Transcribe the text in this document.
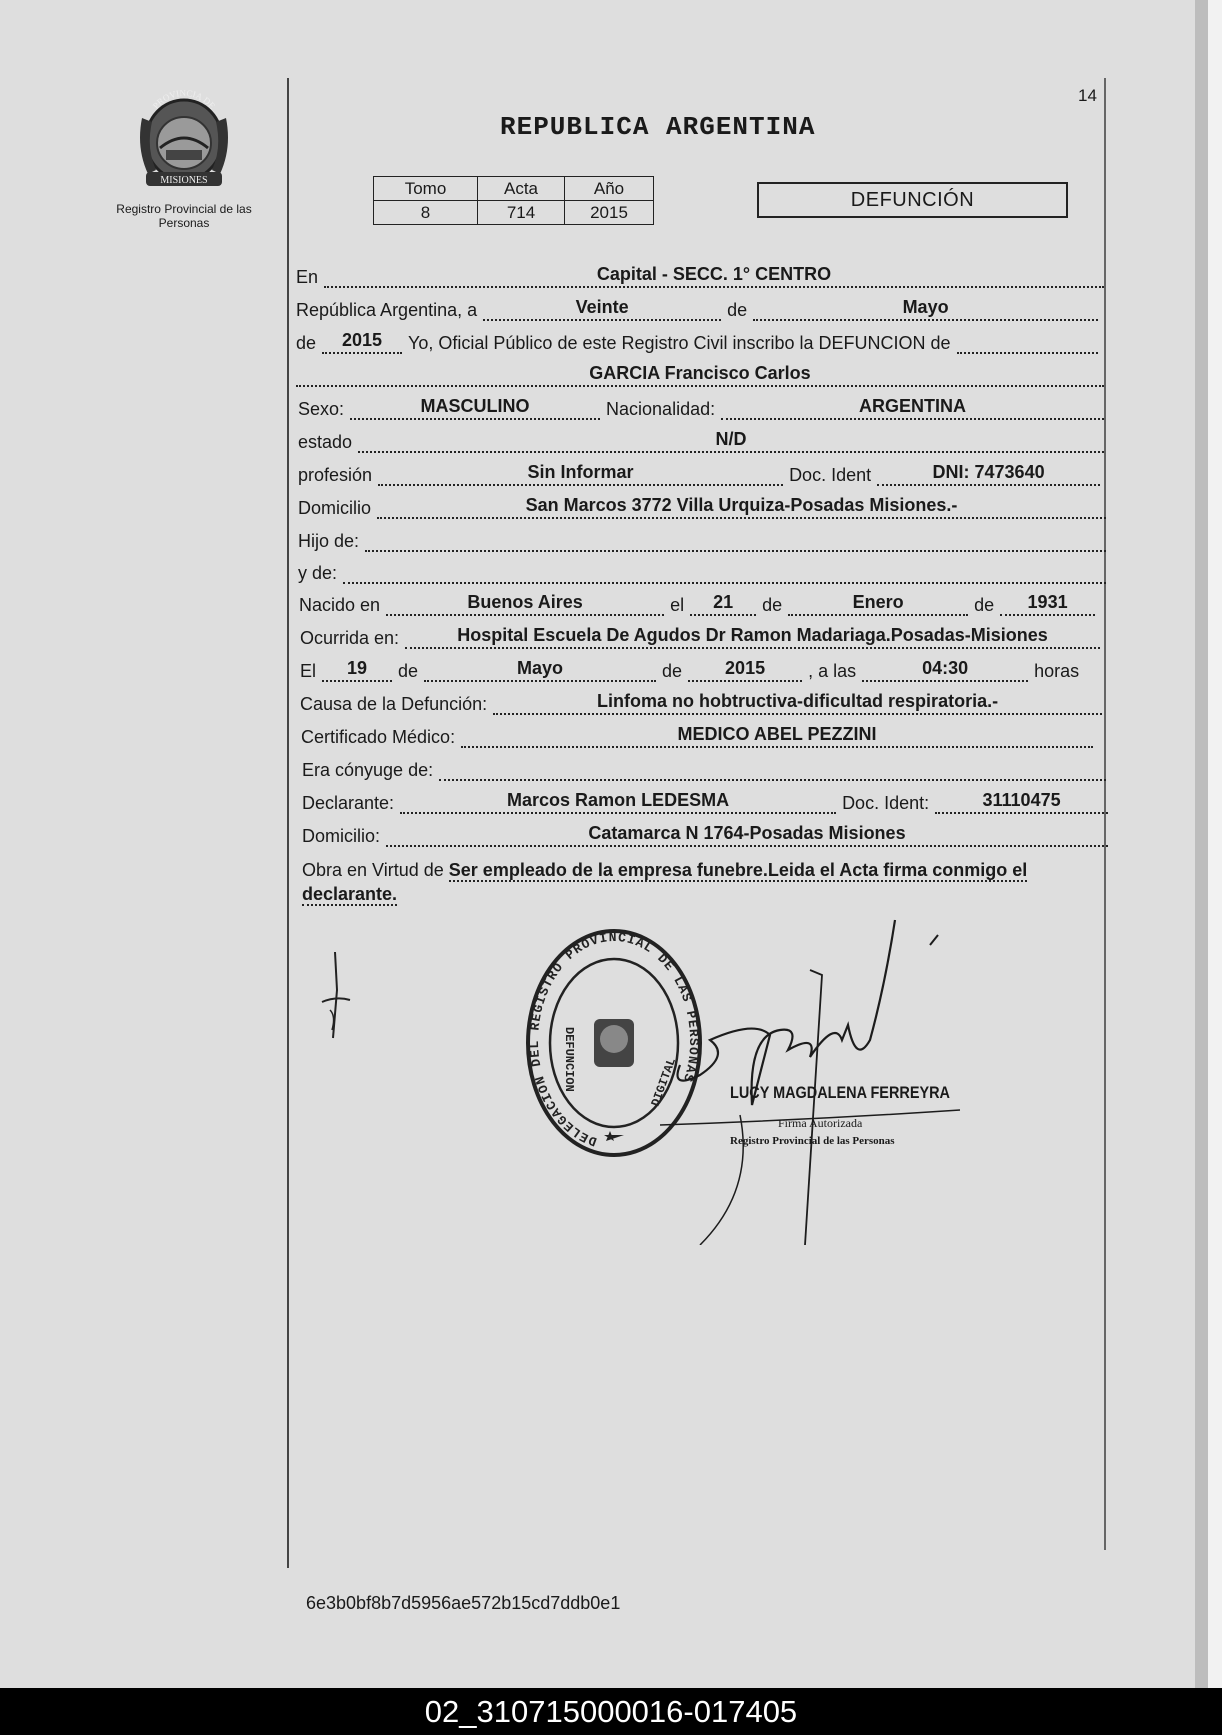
MISIONES
PROVINCIA DE
Registro Provincial de las Personas
14
REPUBLICA ARGENTINA
Tomo	Acta	Año
8	714	2015
DEFUNCIÓN
En	Capital - SECC. 1° CENTRO
República Argentina, a	Veinte	de	Mayo
de	2015	Yo, Oficial Público de este Registro Civil inscribo la DEFUNCION de
GARCIA Francisco Carlos
Sexo:	MASCULINO	Nacionalidad:	ARGENTINA
estado	N/D
profesión	Sin Informar	Doc. Ident	DNI: 7473640
Domicilio	San Marcos 3772 Villa Urquiza-Posadas Misiones.-
Hijo de:
y de:
Nacido en	Buenos Aires	el	21	de	Enero	de	1931
Ocurrida en:	Hospital Escuela De Agudos Dr Ramon Madariaga.Posadas-Misiones
El	19	de	Mayo	de	2015	, a las	04:30	horas
Causa de la Defunción:	Linfoma no hobtructiva-dificultad respiratoria.-
Certificado Médico:	MEDICO ABEL PEZZINI
Era cónyuge de:
Declarante:	Marcos Ramon LEDESMA	Doc. Ident:	31110475
Domicilio:	Catamarca N 1764-Posadas Misiones
Obra en Virtud de Ser empleado de la empresa funebre.Leida el Acta firma conmigo el declarante.
DELEGACION DEL REGISTRO PROVINCIAL DE LAS PERSONAS
DEFUNCION	DIGITAL	LUCY MAGDALENA FERREYRA
Firma Autorizada
Registro Provincial de las Personas
6e3b0bf8b7d5956ae572b15cd7ddb0e1
02_310715000016-017405
